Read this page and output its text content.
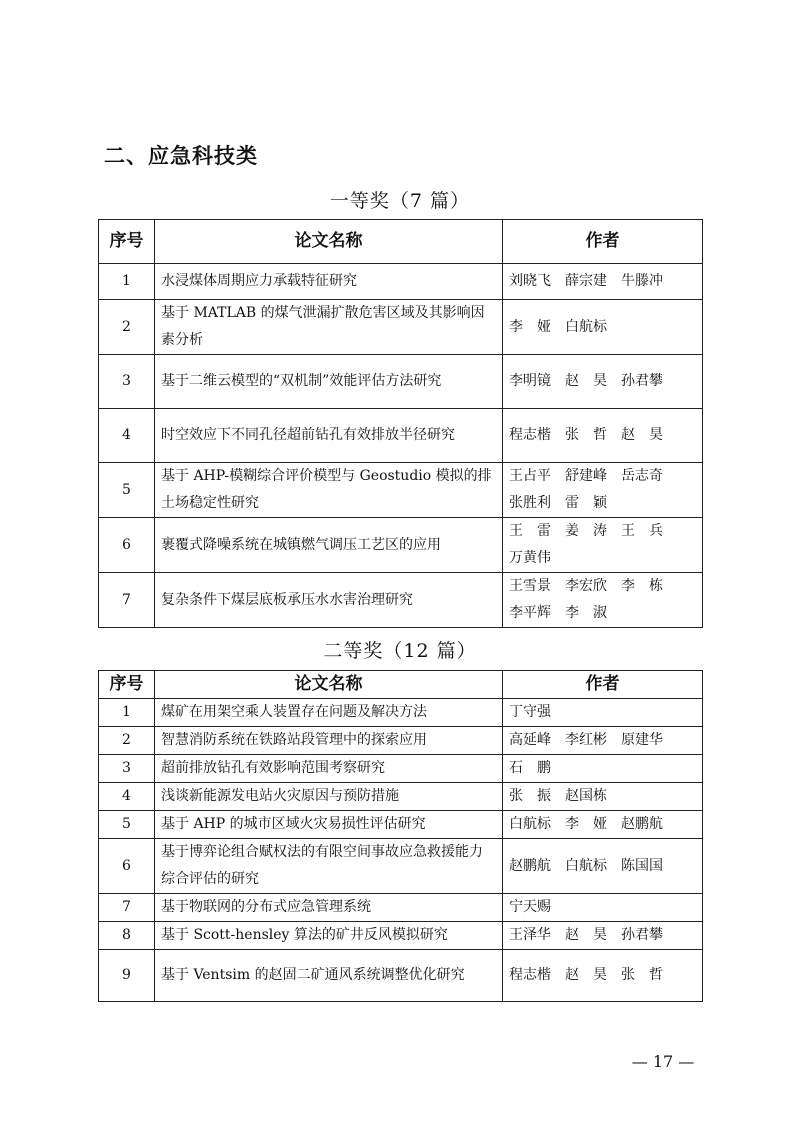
二、应急科技类
一等奖（7 篇）
序号	论文名称	作者
1	水浸煤体周期应力承载特征研究	刘晓飞　薛宗建　牛滕冲

2	基于 MATLAB 的煤气泄漏扩散危害区域及其影响因素分析	李　娅　白航标

3	基于二维云模型的“双机制”效能评估方法研究	李明镜　赵　昊　孙君攀

4	时空效应下不同孔径超前钻孔有效排放半径研究	程志楷　张　哲　赵　昊

5	基于 AHP-模糊综合评价模型与 Geostudio 模拟的排土场稳定性研究	王占平　舒建峰　岳志奇
张胜利　雷　颖

6	裹覆式降噪系统在城镇燃气调压工艺区的应用	王　雷　姜　涛　王　兵
万黄伟

7	复杂条件下煤层底板承压水水害治理研究	王雪景　李宏欣　李　栋
李平辉　李　淑
二等奖（12 篇）
序号	论文名称	作者
1	煤矿在用架空乘人装置存在问题及解决方法	丁守强

2	智慧消防系统在铁路站段管理中的探索应用	高延峰　李红彬　原建华

3	超前排放钻孔有效影响范围考察研究	石　鹏

4	浅谈新能源发电站火灾原因与预防措施	张　振　赵国栋

5	基于 AHP 的城市区域火灾易损性评估研究	白航标　李　娅　赵鹏航

6	基于博弈论组合赋权法的有限空间事故应急救援能力综合评估的研究	赵鹏航　白航标　陈国国

7	基于物联网的分布式应急管理系统	宁天赐

8	基于 Scott-hensley 算法的矿井反风模拟研究	王泽华　赵　昊　孙君攀

9	基于 Ventsim 的赵固二矿通风系统调整优化研究	程志楷　赵　昊　张　哲
— 17 —
